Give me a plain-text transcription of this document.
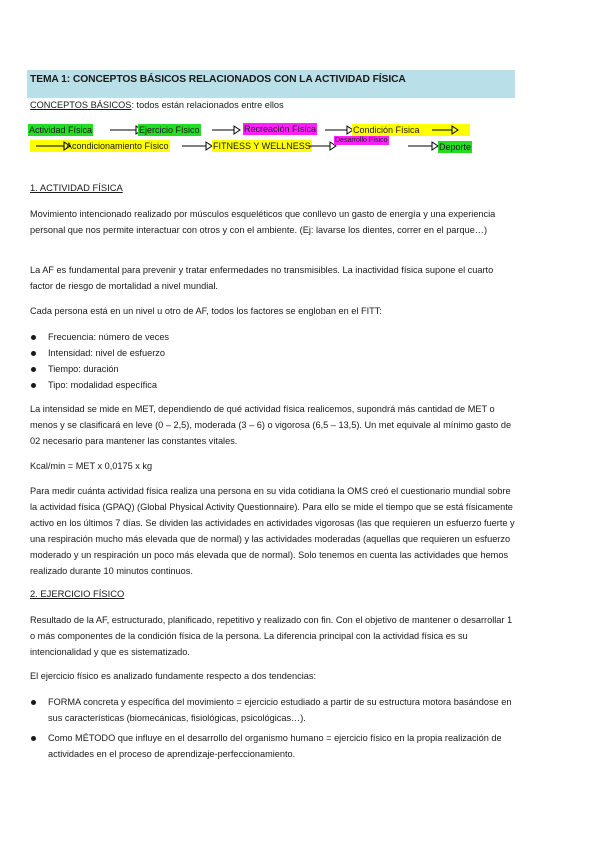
TEMA 1: CONCEPTOS BÁSICOS RELACIONADOS CON LA ACTIVIDAD FÍSICA
CONCEPTOS BÁSICOS: todos están relacionados entre ellos
Actividad Física	Ejercicio Físico	Recreación Física	Condición Física
Acondicionamiento Físico	FITNESS Y WELLNESS
Desarrollo Físico
Deporte
1. ACTIVIDAD FÍSICA

Movimiento intencionado realizado por músculos esqueléticos que conllevo un gasto de energía y una experiencia personal que nos permite interactuar con otros y con el ambiente. (Ej: lavarse los dientes, correr en el parque…)

La AF es fundamental para prevenir y tratar enfermedades no transmisibles. La inactividad física supone el cuarto factor de riesgo de mortalidad a nivel mundial.

Cada persona está en un nivel u otro de AF, todos los factores se engloban en el FITT:

Frecuencia: número de veces
Intensidad: nivel de esfuerzo
Tiempo: duración
Tipo: modalidad específica

La intensidad se mide en MET, dependiendo de qué actividad física realicemos, supondrá más cantidad de MET o menos y se clasificará en leve (0 – 2,5), moderada (3 – 6) o vigorosa (6,5 – 13,5). Un met equivale al mínimo gasto de 02 necesario para mantener las constantes vitales.

Kcal/min = MET x 0,0175 x kg

Para medir cuánta actividad física realiza una persona en su vida cotidiana la OMS creó el cuestionario mundial sobre la actividad física (GPAQ) (Global Physical Activity Questionnaire). Para ello se mide el tiempo que se está físicamente activo en los últimos 7 días. Se dividen las actividades en actividades vigorosas (las que requieren un esfuerzo fuerte y una respiración mucho más elevada que de normal) y las actividades moderadas (aquellas que requieren un esfuerzo moderado y un respiración un poco más elevada que de normal). Solo tenemos en cuenta las actividades que hemos realizado durante 10 minutos continuos.

2. EJERCICIO FÍSICO

Resultado de la AF, estructurado, planificado, repetitivo y realizado con fin. Con el objetivo de mantener o desarrollar 1 o más componentes de la condición física de la persona. La diferencia principal con la actividad física es su intencionalidad y que es sistematizado.

El ejercicio físico es analizado fundamente respecto a dos tendencias:

FORMA concreta y específica del movimiento = ejercicio estudiado a partir de su estructura motora basándose en sus características (biomecánicas, fisiológicas, psicológicas…).
Como MÉTODO que influye en el desarrollo del organismo humano = ejercicio físico en la propia realización de actividades en el proceso de aprendizaje-perfeccionamiento.
